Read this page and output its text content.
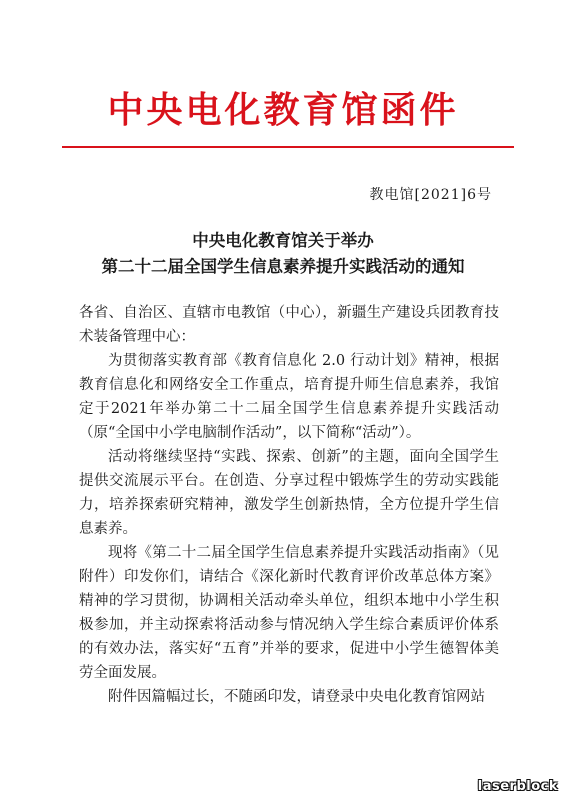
中央电化教育馆函件
教电馆[2021]6号
中央电化教育馆关于举办
第二十二届全国学生信息素养提升实践活动的通知

各省、自治区、直辖市电教馆（中心），新疆生产建设兵团教育技术装备管理中心：

为贯彻落实教育部《教育信息化 2.0 行动计划》精神，根据教育信息化和网络安全工作重点，培育提升师生信息素养，我馆定于2021年举办第二十二届全国学生信息素养提升实践活动（原“全国中小学电脑制作活动”，以下简称“活动”）。

活动将继续坚持“实践、探索、创新”的主题，面向全国学生提供交流展示平台。在创造、分享过程中锻炼学生的劳动实践能力，培养探索研究精神，激发学生创新热情，全方位提升学生信息素养。

现将《第二十二届全国学生信息素养提升实践活动指南》（见附件）印发你们，请结合《深化新时代教育评价改革总体方案》精神的学习贯彻，协调相关活动牵头单位，组织本地中小学生积极参加，并主动探索将活动参与情况纳入学生综合素质评价体系的有效办法，落实好“五育”并举的要求，促进中小学生德智体美劳全面发展。

附件因篇幅过长，不随函印发，请登录中央电化教育馆网站

laserblock
